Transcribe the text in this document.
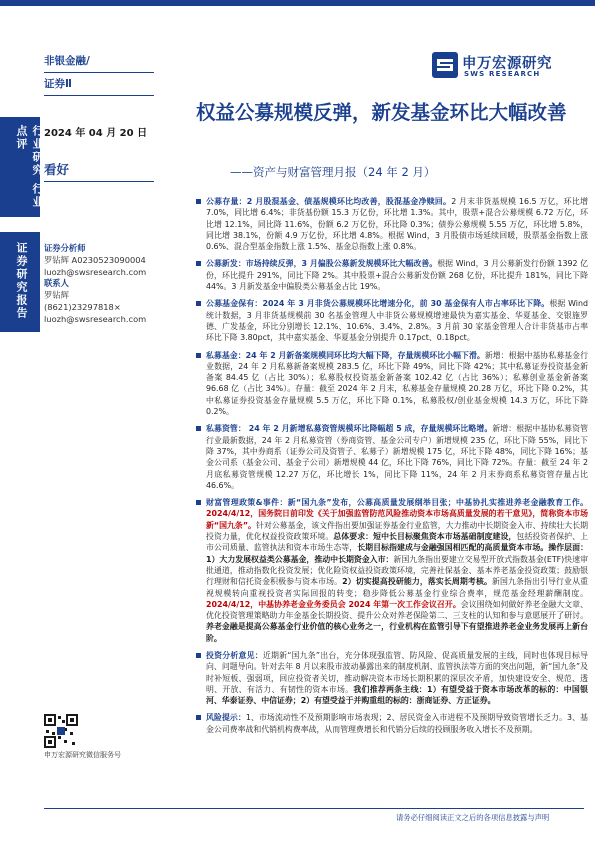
非银金融/
证券Ⅱ
2024 年 04 月 20 日
申万宏源研究
SWS RESEARCH
行业研究 行业点评
证券研究报告
看好
证券分析师
罗钻辉 A0230523090004
luozh@swsresearch.com
联系人
罗钻辉
(8621)23297818×
luozh@swsresearch.com
申万宏源研究微信服务号
权益公募规模反弹，新发基金环比大幅改善
——资产与财富管理月报（24 年 2 月）
公募存量：2 月股混基金、债基规模环比均改善，股混基金净赎回。2 月末非货基规模 16.5 万亿，环比增 7.0%，同比增 6.4%；非货基份额 15.3 万亿份，环比增 1.3%。其中，股票+混合公募规模 6.72 万亿，环比增 12.1%，同比降 11.6%，份额 6.2 万亿份，环比降 0.3%；债券公募规模 5.55 万亿，环比增 5.8%，同比增 38.1%，份额 4.9 万亿份，环比增 4.8%。根据 Wind，3 月股债市场延续回暖，股票基金指数上涨 0.6%、混合型基金指数上涨 1.5%、基金总指数上涨 0.8%。
公募新发：市场持续反弹，3 月偏股公募新发规模环比大幅改善。根据 Wind，3 月公募新发行份额 1392 亿份，环比提升 291%，同比下降 2%。其中股票+混合公募新发份额 268 亿份，环比提升 181%，同比下降 44%。3 月新发基金中偏股类公募基金占比 19%。
公募基金保有：2024 年 3 月非货公募规模环比增速分化，前 30 基金保有人市占率环比下降。根据 Wind 统计数据，3 月非货基规模前 30 名基金管理人中非货公募规模增速最快为嘉实基金、华夏基金、交银施罗德、广发基金，环比分别增长 12.1%、10.6%、3.4%、2.8%。3 月前 30 家基金管理人合计非货基市占率环比下降 3.80pct，其中嘉实基金、华夏基金分别提升 0.17pct、0.18pct。
私募基金：24 年 2 月新备案规模同环比均大幅下降，存量规模环比小幅下滑。新增：根据中基协私募基金行业数据，24 年 2 月私募新备案规模 283.5 亿，环比下降 49%，同比下降 42%；其中私募证券投资基金新备案 84.45 亿（占比 30%）；私募股权投资基金新备案 102.42 亿（占比 36%）；私募创业基金新备案 96.68 亿（占比 34%）。存量：截至 2024 年 2 月末，私募基金存量规模 20.28 万亿，环比下降 0.2%，其中私募证券投资基金存量规模 5.5 万亿，环比下降 0.1%，私募股权/创业基金规模 14.3 万亿，环比下降 0.2%。
私募资管： 24 年 2 月新增私募资管规模环比降幅超 5 成，存量规模环比略增。新增：根据中基协私募资管行业最新数据，24 年 2 月私募资管（券商资管、基金公司专户）新增规模 235 亿，环比下降 55%，同比下降 37%，其中券商系（证券公司及资管子、私募子）新增规模 175 亿，环比下降 48%，同比下降 16%；基金公司系（基金公司、基金子公司）新增规模 44 亿，环比下降 76%，同比下降 72%。存量：截至 24 年 2 月底私募资管规模 12.27 万亿，环比增长 1%，同比下降 11%，24 年 2 月末券商系私募资管存量占比 46.6%。
财富管理政策&事件：新“国九条”发布，公募高质量发展纲举目张；中基协扎实推进养老金融教育工作。2024/4/12，国务院日前印发《关于加强监管防范风险推动资本市场高质量发展的若干意见》，简称资本市场新“国九条”。针对公募基金，该文件指出要加强证券基金行业监管，大力推动中长期资金入市、持续壮大长期投资力量，优化权益投资政策环境。总体要求：短中长目标聚焦资本市场基础制度建设，包括投资者保护、上市公司质量、监管执法和资本市场生态等，长期目标指建成与金融强国相匹配的高质量资本市场。操作层面：1）大力发展权益类公募基金，推动中长期资金入市：新国九条指出要建立交易型开放式指数基金(ETF)快速审批通道，推动指数化投资发展；优化险资权益投资政策环境，完善社保基金、基本养老基金投资政策；鼓励银行理财和信托资金积极参与资本市场。2）切实提高投研能力，落实长周期考核。新国九条指出引导行业从重视规模转向重视投资者实际回报的转变；稳步降低公募基金行业综合费率，规范基金经理薪酬制度。2024/4/12，中基协养老金业务委员会 2024 年第一次工作会议召开。会议围绕如何做好养老金融大文章、优化投资管理策略助力年金基金长期投资、提升公众对养老保险第二、三支柱的认知和参与意愿展开了研讨。养老金融是提高公募基金行业价值的核心业务之一，行业机构在监管引导下有望推进养老金业务发展再上新台阶。
投资分析意见：近期新“国九条”出台，充分体现强监管、防风险、促高质量发展的主线，同时也体现目标导向、问题导向。针对去年 8 月以来股市波动暴露出来的制度机制、监管执法等方面的突出问题，新“国九条”及时补短板、强弱项，回应投资者关切，推动解决资本市场长期积累的深层次矛盾，加快建设安全、规范、透明、开放、有活力、有韧性的资本市场。我们推荐两条主线：1）有望受益于资本市场改革的标的：中国银河、华泰证券、中信证券；2）有望受益于并购重组的标的：浙商证券、方正证券。
风险提示：1、市场流动性不及预期影响市场表现；2、居民资金入市进程不及预期导致资管增长乏力。3、基金公司费率战和代销机构费率战，从而管理费增长和代销分后续的投顾服务收入增长不及预期。
请务必仔细阅读正文之后的各项信息披露与声明
